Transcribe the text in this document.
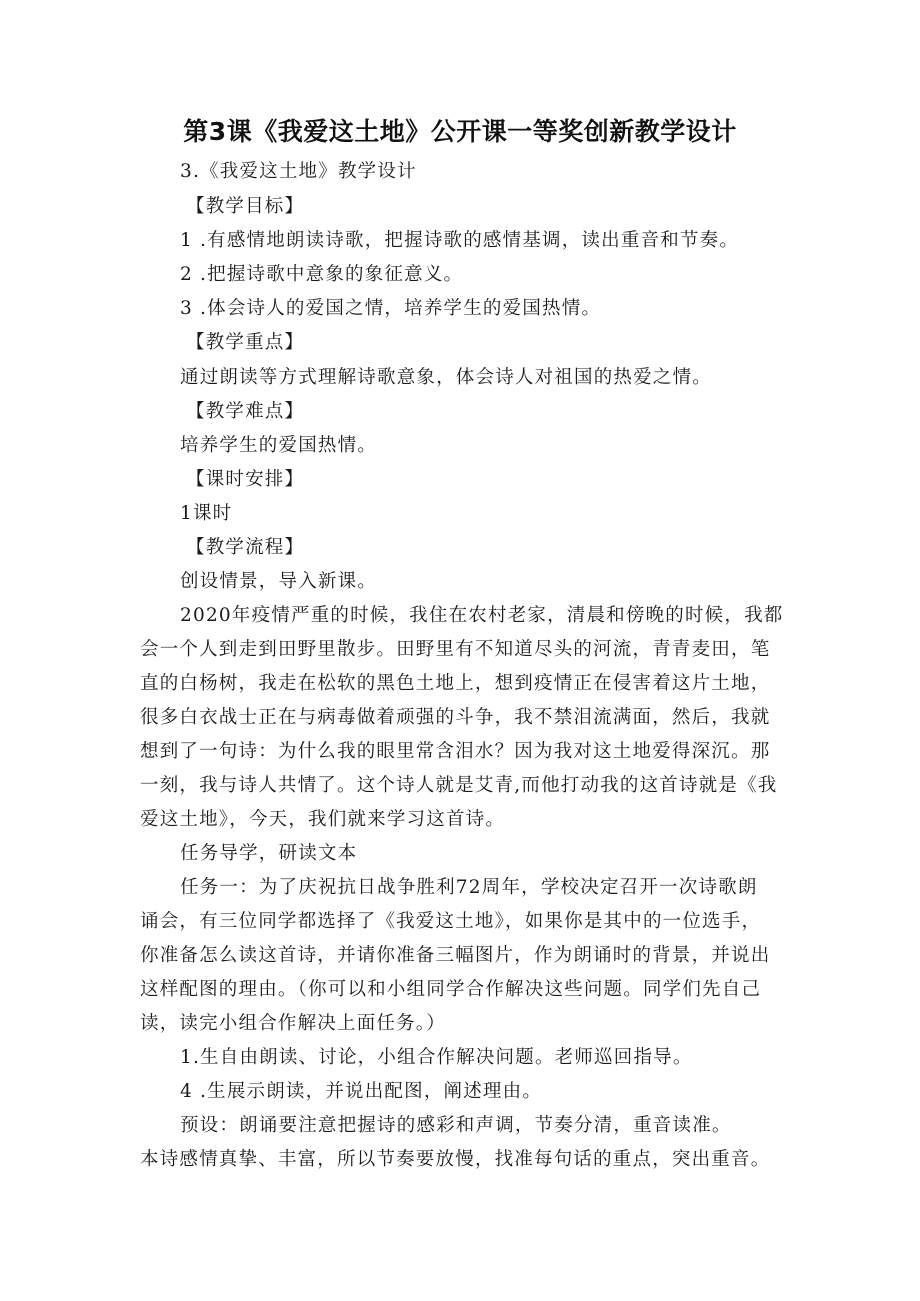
第3课《我爱这土地》公开课一等奖创新教学设计
3.《我爱这土地》教学设计
【教学目标】
1 .有感情地朗读诗歌，把握诗歌的感情基调，读出重音和节奏。
2 .把握诗歌中意象的象征意义。
3 .体会诗人的爱国之情，培养学生的爱国热情。
【教学重点】
通过朗读等方式理解诗歌意象，体会诗人对祖国的热爱之情。
【教学难点】
培养学生的爱国热情。
【课时安排】
1课时
【教学流程】
创设情景，导入新课。
2020年疫情严重的时候，我住在农村老家，清晨和傍晚的时候，我都
会一个人到走到田野里散步。田野里有不知道尽头的河流，青青麦田，笔
直的白杨树，我走在松软的黑色土地上，想到疫情正在侵害着这片土地，
很多白衣战士正在与病毒做着顽强的斗争，我不禁泪流满面，然后，我就
想到了一句诗：为什么我的眼里常含泪水？因为我对这土地爱得深沉。那
一刻，我与诗人共情了。这个诗人就是艾青,而他打动我的这首诗就是《我
爱这土地》，今天，我们就来学习这首诗。
任务导学，研读文本
任务一：为了庆祝抗日战争胜利72周年，学校决定召开一次诗歌朗
诵会，有三位同学都选择了《我爱这土地》，如果你是其中的一位选手，
你准备怎么读这首诗，并请你准备三幅图片，作为朗诵时的背景，并说出
这样配图的理由。（你可以和小组同学合作解决这些问题。同学们先自己
读，读完小组合作解决上面任务。）
1.生自由朗读、讨论，小组合作解决问题。老师巡回指导。
4 .生展示朗读，并说出配图，阐述理由。
预设：朗诵要注意把握诗的感彩和声调，节奏分清，重音读准。
本诗感情真挚、丰富，所以节奏要放慢，找准每句话的重点，突出重音。
